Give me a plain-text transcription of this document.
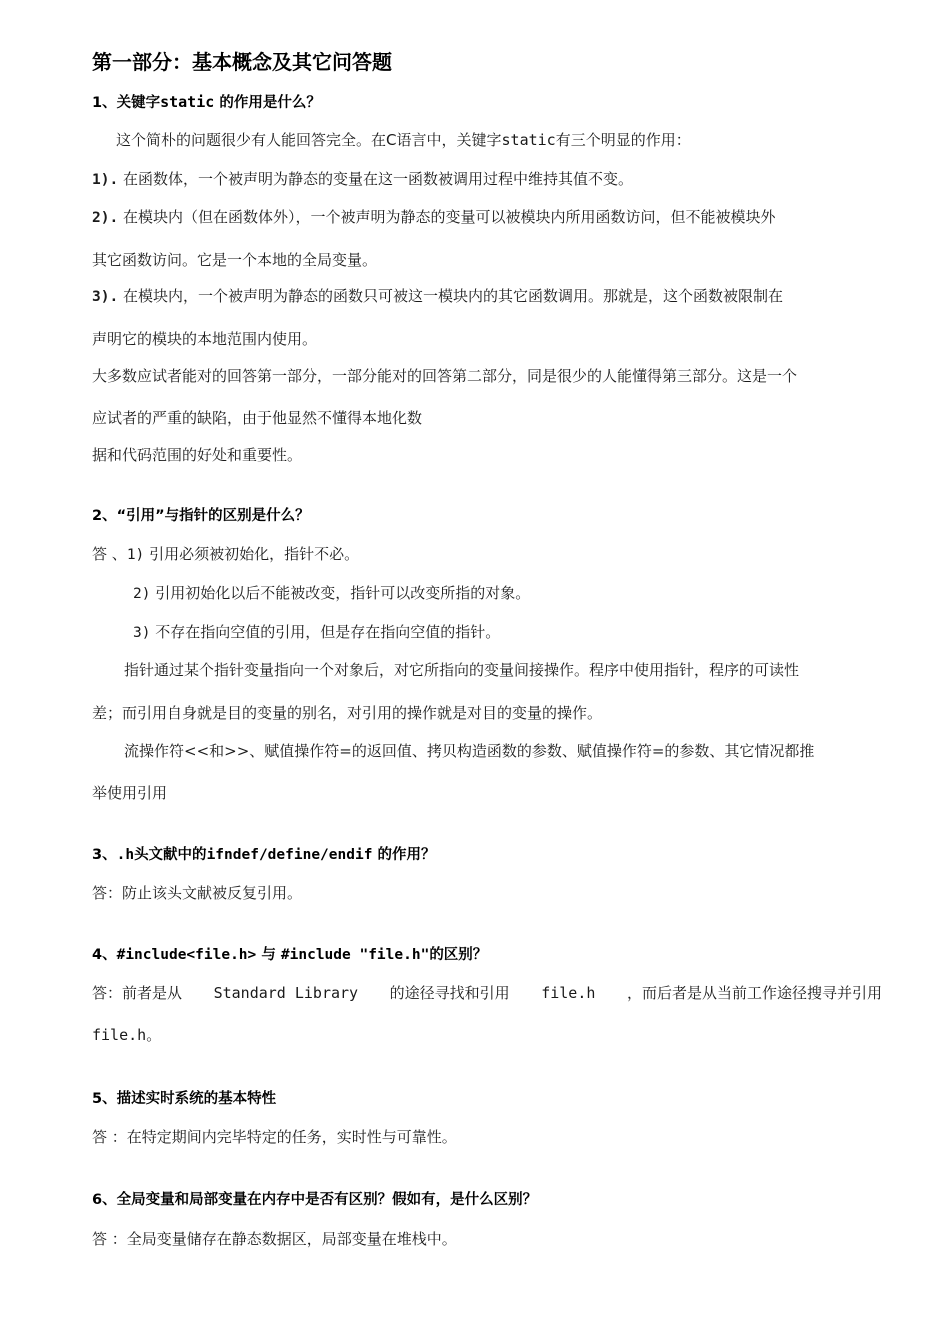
第一部分：基本概念及其它问答题
1、关键字static 的作用是什么？
这个简朴的问题很少有人能回答完全。在C语言中，关键字static有三个明显的作用：
1). 在函数体，一个被声明为静态的变量在这一函数被调用过程中维持其值不变。
2). 在模块内（但在函数体外），一个被声明为静态的变量可以被模块内所用函数访问，但不能被模块外
其它函数访问。它是一个本地的全局变量。
3). 在模块内，一个被声明为静态的函数只可被这一模块内的其它函数调用。那就是，这个函数被限制在
声明它的模块的本地范围内使用。
大多数应试者能对的回答第一部分，一部分能对的回答第二部分，同是很少的人能懂得第三部分。这是一个
应试者的严重的缺陷，由于他显然不懂得本地化数
据和代码范围的好处和重要性。
2、“引用”与指针的区别是什么？
答 、1) 引用必须被初始化，指针不必。
2) 引用初始化以后不能被改变，指针可以改变所指的对象。
3) 不存在指向空值的引用，但是存在指向空值的指针。
指针通过某个指针变量指向一个对象后，对它所指向的变量间接操作。程序中使用指针，程序的可读性
差；而引用自身就是目的变量的别名，对引用的操作就是对目的变量的操作。
流操作符<<和>>、赋值操作符=的返回值、拷贝构造函数的参数、赋值操作符=的参数、其它情况都推
举使用引用
3、.h头文献中的ifndef/define/endif 的作用？
答：防止该头文献被反复引用。
4、#include<file.h> 与 #include "file.h"的区别？
答：前者是从 Standard Library 的途径寻找和引用 file.h ，而后者是从当前工作途径搜寻并引用
file.h。
5、描述实时系统的基本特性
答 ：在特定期间内完毕特定的任务，实时性与可靠性。
6、全局变量和局部变量在内存中是否有区别？假如有，是什么区别？
答 ：全局变量储存在静态数据区，局部变量在堆栈中。
